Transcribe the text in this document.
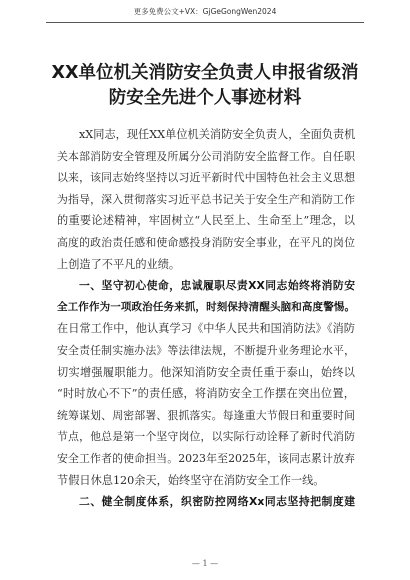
更多免费公文+VX：GjGeGongWen2024
XX单位机关消防安全负责人申报省级消
防安全先进个人事迹材料
xX同志，现任XX单位机关消防安全负责人，全面负责机
关本部消防安全管理及所属分公司消防安全监督工作。自任职
以来，该同志始终坚持以习近平新时代中国特色社会主义思想
为指导，深入贯彻落实习近平总书记关于安全生产和消防工作
的重要论述精神，牢固树立“人民至上、生命至上”理念，以
高度的政治责任感和使命感投身消防安全事业，在平凡的岗位
上创造了不平凡的业绩。
一、坚守初心使命，忠诚履职尽责XX同志始终将消防安
全工作作为一项政治任务来抓，时刻保持清醒头脑和高度警惕。
在日常工作中，他认真学习《中华人民共和国消防法》《消防
安全责任制实施办法》等法律法规，不断提升业务理论水平，
切实增强履职能力。他深知消防安全责任重于泰山，始终以
“时时放心不下”的责任感，将消防安全工作摆在突出位置，
统筹谋划、周密部署、狠抓落实。每逢重大节假日和重要时间
节点，他总是第一个坚守岗位，以实际行动诠释了新时代消防
安全工作者的使命担当。2023年至2025年，该同志累计放弃
节假日休息120余天，始终坚守在消防安全工作一线。
二、健全制度体系，织密防控网络Xx同志坚持把制度建
— 1 —
